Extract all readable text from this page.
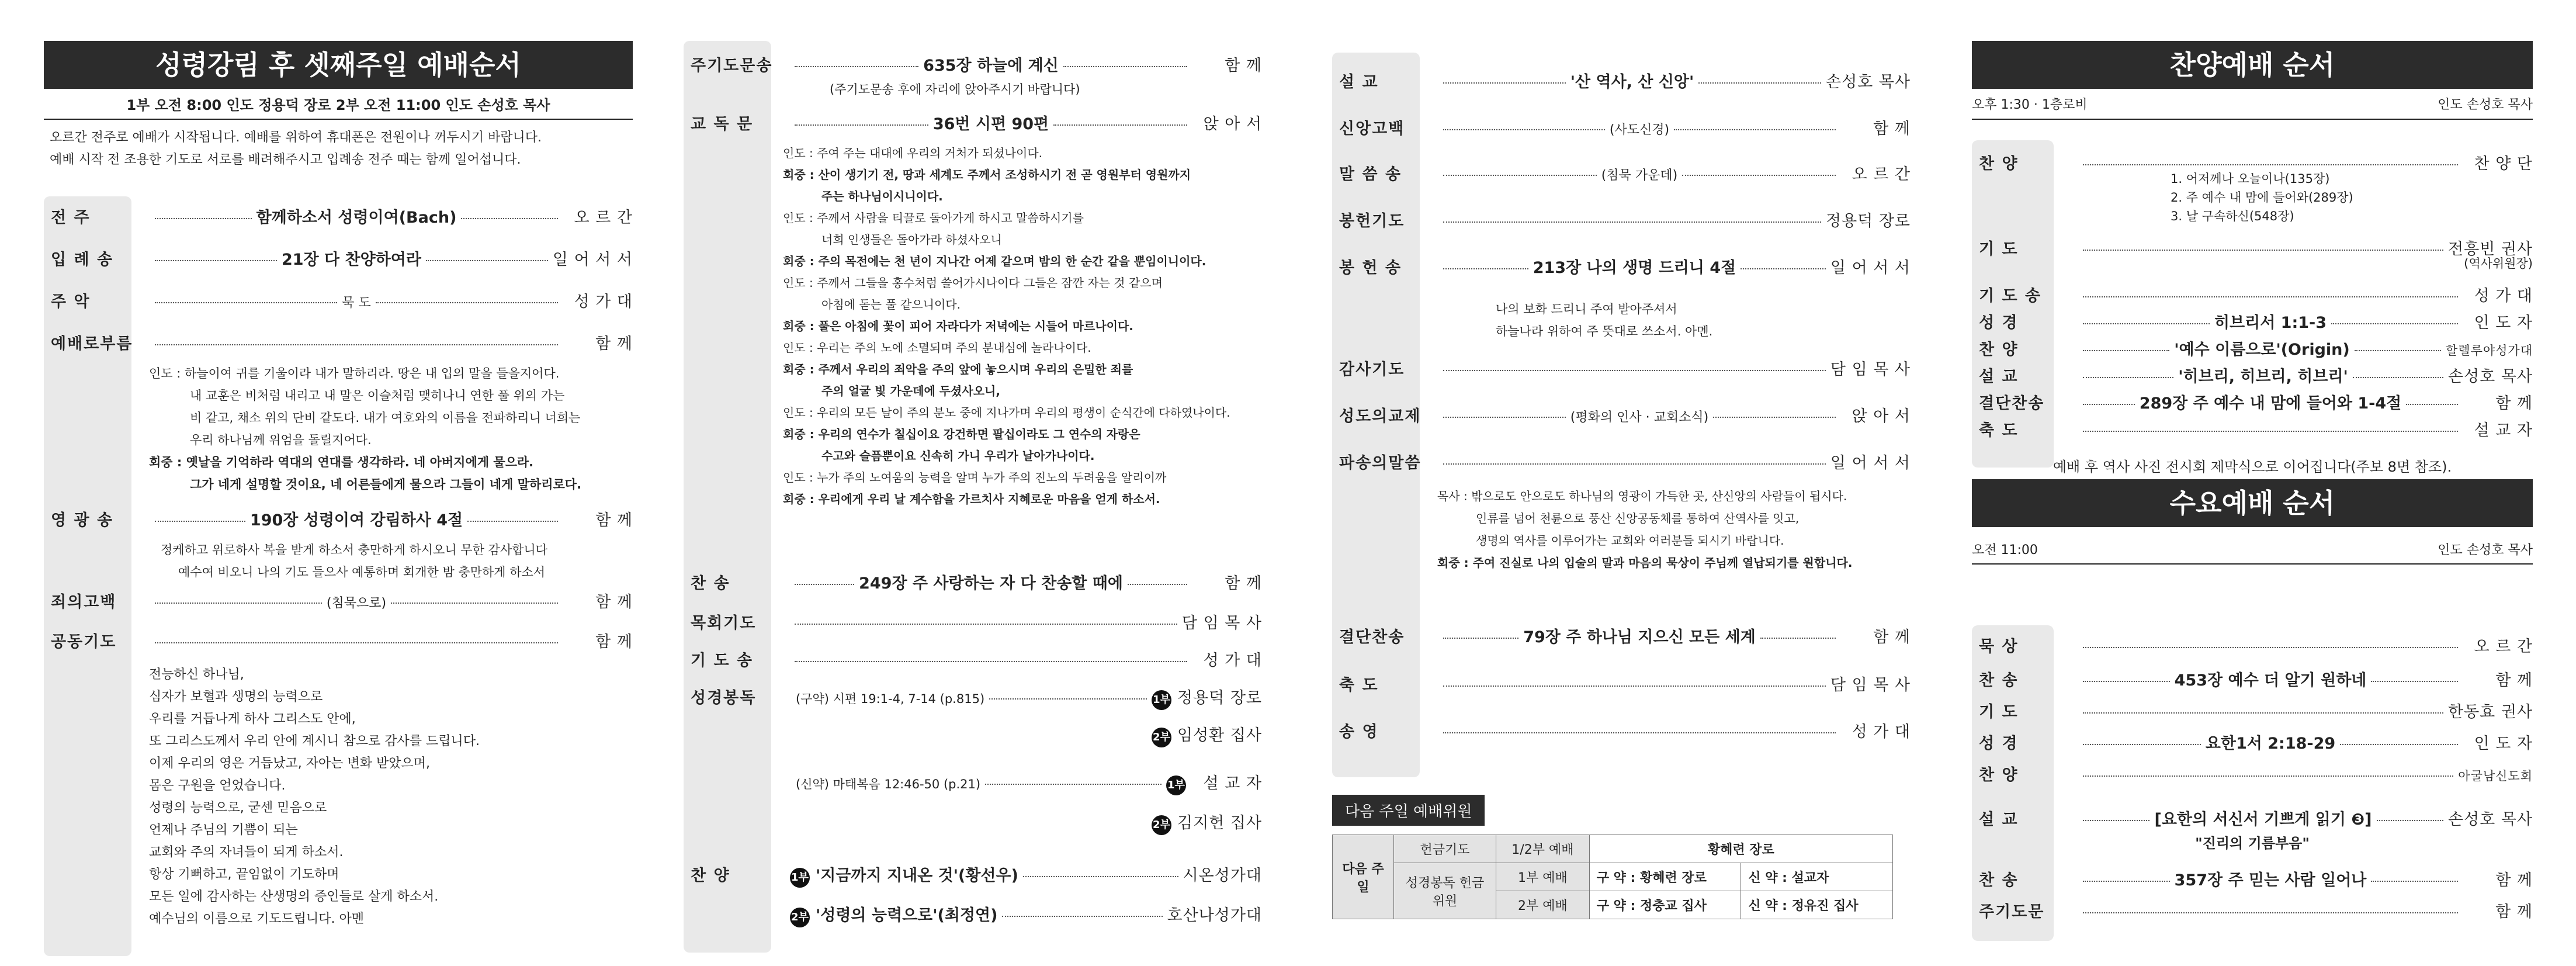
성령강림 후 셋째주일 예배순서
1부 오전 8:00 인도 정용덕 장로 2부 오전 11:00 인도 손성호 목사
오르간 전주로 예배가 시작됩니다. 예배를 위하여 휴대폰은 전원이나 꺼두시기 바랍니다.
예배 시작 전 조용한 기도로 서로를 배려해주시고 입례송 전주 때는 함께 일어섭니다.
전 주	함께하소서 성령이여(Bach)	오 르 간
입 례 송	21장 다 찬양하여라	일 어 서 서
주 악	묵 도	성 가 대
예배로부름	함 께
인도 : 하늘이여 귀를 기울이라 내가 말하리라. 땅은 내 입의 말을 들을지어다.
내 교훈은 비처럼 내리고 내 말은 이슬처럼 맺히나니 연한 풀 위의 가는
비 같고, 채소 위의 단비 같도다. 내가 여호와의 이름을 전파하리니 너희는
우리 하나님께 위엄을 돌릴지어다.
회중 : 옛날을 기억하라 역대의 연대를 생각하라. 네 아버지에게 물으라.
그가 네게 설명할 것이요, 네 어른들에게 물으라 그들이 네게 말하리로다.
영 광 송	190장 성령이여 강림하사 4절	함 께
정케하고 위로하사 복을 받게 하소서 충만하게 하시오니 무한 감사합니다
예수여 비오니 나의 기도 들으사 예통하며 회개한 밤 충만하게 하소서
죄의고백	(침묵으로)	함 께
공동기도	함 께
전능하신 하나님,
심자가 보혈과 생명의 능력으로
우리를 거듭나게 하사 그리스도 안에,
또 그리스도께서 우리 안에 계시니 참으로 감사를 드립니다.
이제 우리의 영은 거듭났고, 자아는 변화 받았으며,
몸은 구원을 얻었습니다.
성령의 능력으로, 굳센 믿음으로
언제나 주님의 기쁨이 되는
교회와 주의 자녀들이 되게 하소서.
항상 기뻐하고, 끝임없이 기도하며
모든 일에 감사하는 산생명의 증인들로 살게 하소서.
예수님의 이름으로 기도드립니다. 아멘
주기도문송	635장 하늘에 계신	함 께
(주기도문송 후에 자리에 앉아주시기 바랍니다)
교 독 문	36번 시편 90편	앉 아 서
인도 : 주여 주는 대대에 우리의 거처가 되셨나이다.
회중 : 산이 생기기 전, 땅과 세계도 주께서 조성하시기 전 곧 영원부터 영원까지
주는 하나님이시니이다.
인도 : 주께서 사람을 티끌로 돌아가게 하시고 말씀하시기를
너희 인생들은 돌아가라 하셨사오니
회중 : 주의 목전에는 천 년이 지나간 어제 같으며 밤의 한 순간 같을 뿐임이니이다.
인도 : 주께서 그들을 홍수처럼 쓸어가시나이다 그들은 잠깐 자는 것 같으며
아침에 돋는 풀 같으니이다.
회중 : 풀은 아침에 꽃이 피어 자라다가 저녁에는 시들어 마르나이다.
인도 : 우리는 주의 노에 소멸되며 주의 분내심에 놀라나이다.
회중 : 주께서 우리의 죄악을 주의 앞에 놓으시며 우리의 은밀한 죄를
주의 얼굴 빛 가운데에 두셨사오니,
인도 : 우리의 모든 날이 주의 분노 중에 지나가며 우리의 평생이 순식간에 다하였나이다.
회중 : 우리의 연수가 칠십이요 강건하면 팔십이라도 그 연수의 자랑은
수고와 슬픔뿐이요 신속히 가니 우리가 날아가나이다.
인도 : 누가 주의 노여움의 능력을 알며 누가 주의 진노의 두려움을 알리이까
회중 : 우리에게 우리 날 계수함을 가르치사 지혜로운 마음을 얻게 하소서.
찬 송	249장 주 사랑하는 자 다 찬송할 때에	함 께
목회기도	담 임 목 사
기 도 송	성 가 대
성경봉독	(구약) 시편 19:1-4, 7-14 (p.815)	1부 정용덕 장로
2부 임성환 집사
(신약) 마태복음 12:46-50 (p.21)	1부	설 교 자
2부 김지헌 집사
찬 양	1부 '지금까지 지내온 것'(황선우)	시온성가대
2부 '성령의 능력으로'(최정연)	호산나성가대
설 교	'산 역사, 산 신앙'	손성호 목사
신앙고백	(사도신경)	함 께
말 씀 송	(침묵 가운데)	오 르 간
봉헌기도	정용덕 장로
봉 헌 송	213장 나의 생명 드리니 4절	일 어 서 서
나의 보화 드리니 주여 받아주셔서
하늘나라 위하여 주 뜻대로 쓰소서. 아멘.
감사기도	담 임 목 사
성도의교제	(평화의 인사 · 교회소식)	앉 아 서
파송의말씀	일 어 서 서
목사 : 밖으로도 안으로도 하나님의 영광이 가득한 곳, 산신앙의 사람들이 됩시다.
인류를 넘어 천륜으로 풍산 신앙공동체를 통하여 산역사를 잇고,
생명의 역사를 이루어가는 교회와 여러분들 되시기 바랍니다.
회중 : 주여 진실로 나의 입술의 말과 마음의 묵상이 주님께 열납되기를 원합니다.
결단찬송	79장 주 하나님 지으신 모든 세계	함 께
축 도	담 임 목 사
송 영	성 가 대
다음 주일 예배위원
다음 주일	헌금기도	1/2부 예배	황혜련 장로	
	성경봉독 헌금위원	1부 예배	구 약 : 황혜련 장로	신 약 : 설교자
		2부 예배	구 약 : 정충교 집사	신 약 : 정유진 집사
찬양예배 순서
오후 1:30 · 1층로비	인도 손성호 목사
찬 양	찬 양 단
1. 어저께나 오늘이나(135장)
2. 주 예수 내 맘에 들어와(289장)
3. 날 구속하신(548장)
기 도	전흥빈 권사
(역사위원장)
기 도 송	성 가 대
성 경	히브리서 1:1-3	인 도 자
찬 양	'예수 이름으로'(Origin)	할렐루야성가대
설 교	'히브리, 히브리, 히브리'	손성호 목사
결단찬송	289장 주 예수 내 맘에 들어와 1-4절	함 께
축 도	설 교 자
예배 후 역사 사진 전시회 제막식으로 이어집니다(주보 8면 참조).
수요예배 순서
오전 11:00	인도 손성호 목사
묵 상	오 르 간
찬 송	453장 예수 더 알기 원하네	함 께
기 도	한동효 권사
성 경	요한1서 2:18-29	인 도 자
찬 양	아굴남신도회
설 교	[요한의 서신서 기쁘게 읽기 ❸]	손성호 목사
"진리의 기름부음"
찬 송	357장 주 믿는 사람 일어나	함 께
주기도문	함 께
